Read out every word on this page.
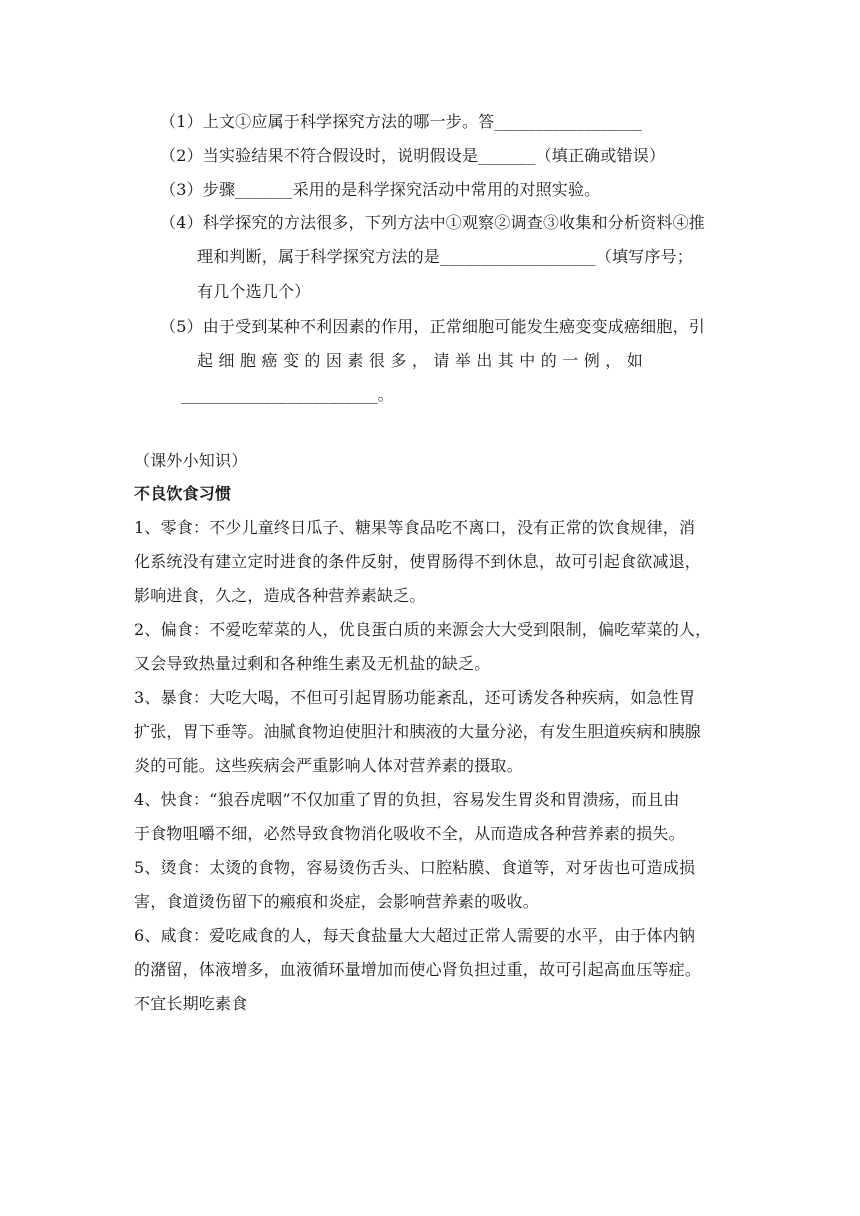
（1）上文①应属于科学探究方法的哪一步。答__________________
（2）当实验结果不符合假设时，说明假设是_______（填正确或错误）
（3）步骤_______采用的是科学探究活动中常用的对照实验。
（4）科学探究的方法很多，下列方法中①观察②调查③收集和分析资料④推
理和判断，属于科学探究方法的是___________________（填写序号；
有几个选几个）
（5）由于受到某种不利因素的作用，正常细胞可能发生癌变变成癌细胞，引
起 细 胞 癌 变 的 因 素 很 多 ， 请 举 出 其 中 的 一 例 ， 如
________________________。
（课外小知识）
不良饮食习惯
1、零食：不少儿童终日瓜子、糖果等食品吃不离口，没有正常的饮食规律，消
化系统没有建立定时进食的条件反射，使胃肠得不到休息，故可引起食欲减退，
影响进食，久之，造成各种营养素缺乏。
2、偏食：不爱吃荤菜的人，优良蛋白质的来源会大大受到限制，偏吃荤菜的人，
又会导致热量过剩和各种维生素及无机盐的缺乏。
3、暴食：大吃大喝，不但可引起胃肠功能紊乱，还可诱发各种疾病，如急性胃
扩张，胃下垂等。油腻食物迫使胆汁和胰液的大量分泌，有发生胆道疾病和胰腺
炎的可能。这些疾病会严重影响人体对营养素的摄取。
4、快食：“狼吞虎咽”不仅加重了胃的负担，容易发生胃炎和胃溃疡，而且由
于食物咀嚼不细，必然导致食物消化吸收不全，从而造成各种营养素的损失。
5、烫食：太烫的食物，容易烫伤舌头、口腔粘膜、食道等，对牙齿也可造成损
害，食道烫伤留下的瘢痕和炎症，会影响营养素的吸收。
6、咸食：爱吃咸食的人，每天食盐量大大超过正常人需要的水平，由于体内钠
的潴留，体液增多，血液循环量增加而使心肾负担过重，故可引起高血压等症。
不宜长期吃素食
